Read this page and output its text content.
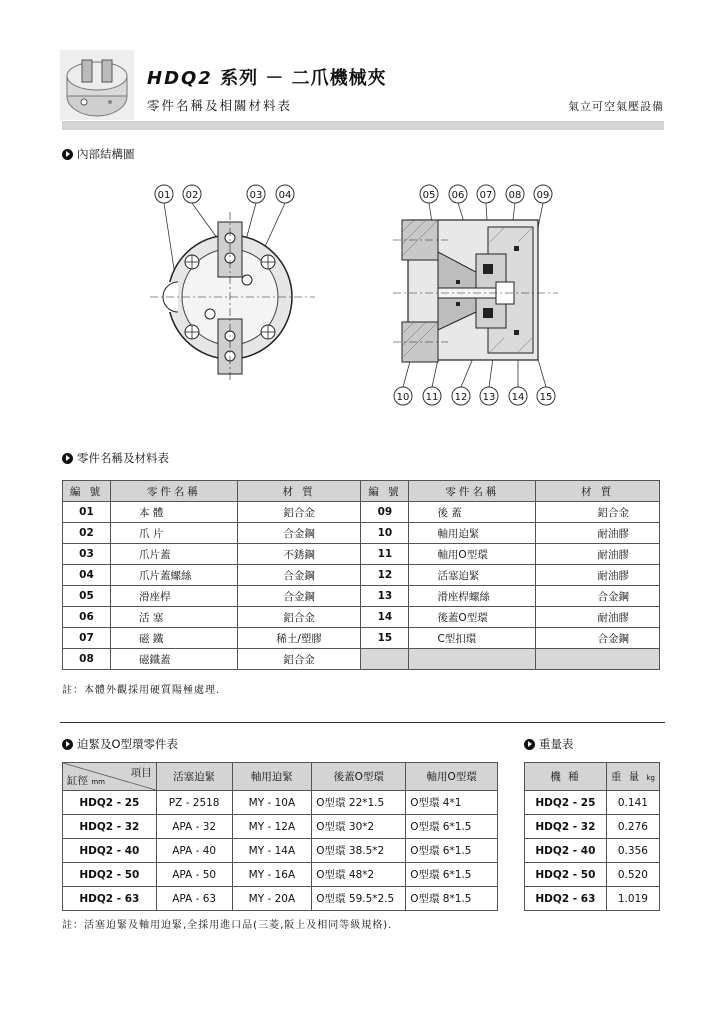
HDQ2 系列 － 二爪機械夾
零件名稱及相關材料表	氣立可空氣壓設備
內部結構圖
01 02	03 04	05 06 07 08 09
10 11 12 13 14 15
零件名稱及材料表
編 號	零件名稱	材 質	編 號	零件名稱	材 質
01	本 體	鋁合金	09	後 蓋	鋁合金
02	爪 片	合金鋼	10	軸用迫緊	耐油膠
03	爪片蓋	不銹鋼	11	軸用O型環	耐油膠
04	爪片蓋螺絲	合金鋼	12	活塞迫緊	耐油膠
05	滑座桿	合金鋼	13	滑座桿螺絲	合金鋼
06	活 塞	鋁合金	14	後蓋O型環	耐油膠
07	磁 鐵	稀土/塑膠	15	C型扣環	合金鋼
08	磁鐵蓋	鋁合金			
註：本體外觀採用硬質陽極處理.
迫緊及O型環零件表	重量表
項目
缸徑 mm	活塞迫緊	軸用迫緊	後蓋O型環	軸用O型環
HDQ2 - 25	PZ - 2518	MY - 10A	O型環 22*1.5	O型環 4*1
HDQ2 - 32	APA - 32	MY - 12A	O型環 30*2	O型環 6*1.5
HDQ2 - 40	APA - 40	MY - 14A	O型環 38.5*2	O型環 6*1.5
HDQ2 - 50	APA - 50	MY - 16A	O型環 48*2	O型環 6*1.5
HDQ2 - 63	APA - 63	MY - 20A	O型環 59.5*2.5	O型環 8*1.5
機 種	重 量 kg
HDQ2 - 25	0.141
HDQ2 - 32	0.276
HDQ2 - 40	0.356
HDQ2 - 50	0.520
HDQ2 - 63	1.019
註：活塞迫緊及軸用迫緊,全採用進口品(三菱,阪上及相同等級規格).
